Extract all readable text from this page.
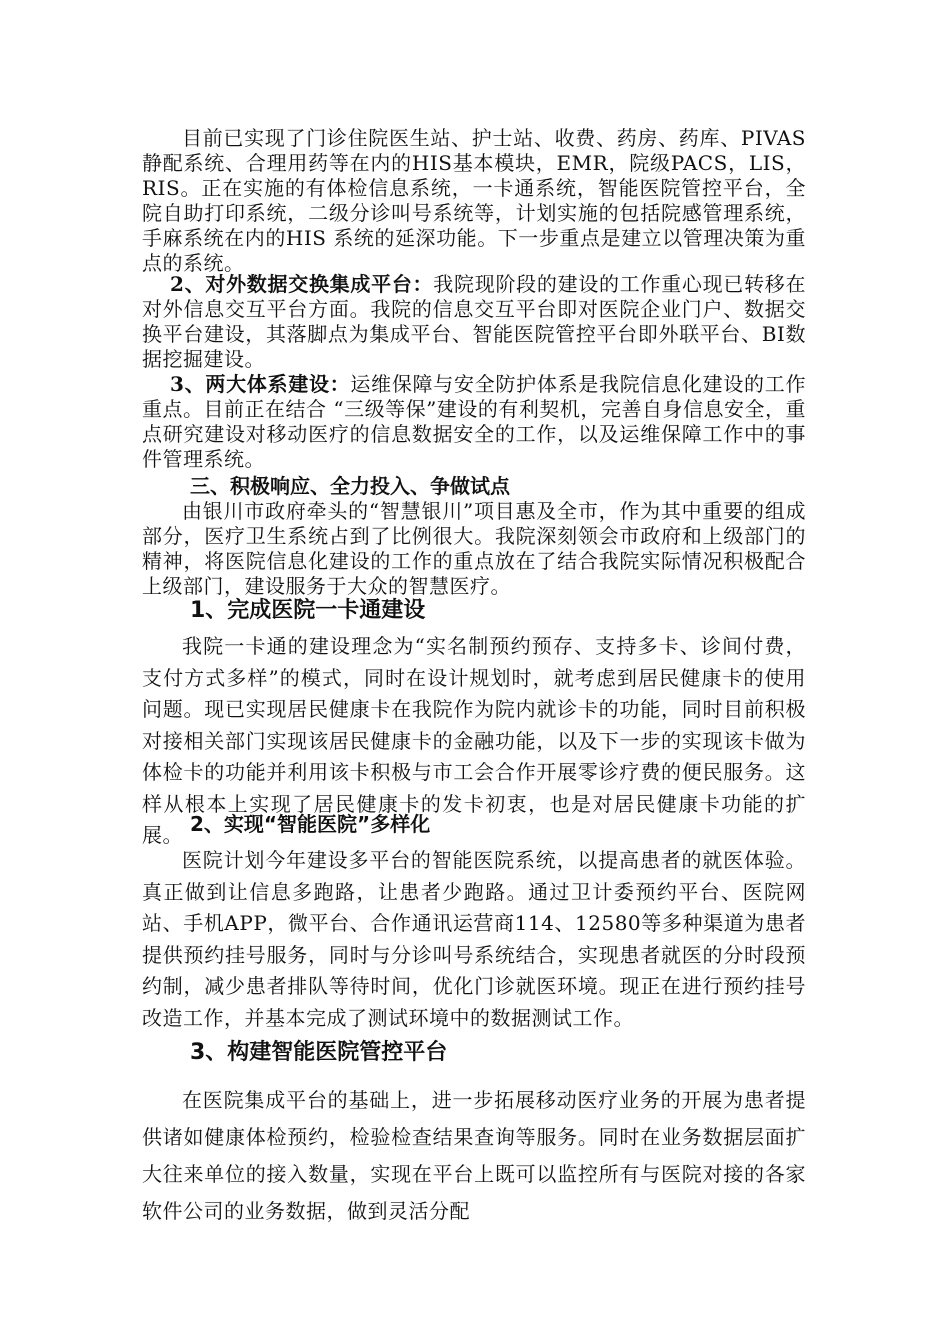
目前已实现了门诊住院医生站、护士站、收费、药房、药库、PIVAS静配系统、合理用药等在内的HIS基本模块，EMR，院级PACS，LIS，RIS。正在实施的有体检信息系统，一卡通系统，智能医院管控平台，全院自助打印系统，二级分诊叫号系统等，计划实施的包括院感管理系统，手麻系统在内的HIS 系统的延深功能。下一步重点是建立以管理决策为重点的系统。
2、对外数据交换集成平台：我院现阶段的建设的工作重心现已转移在对外信息交互平台方面。我院的信息交互平台即对医院企业门户、数据交换平台建设，其落脚点为集成平台、智能医院管控平台即外联平台、BI数据挖掘建设。
3、两大体系建设：运维保障与安全防护体系是我院信息化建设的工作重点。目前正在结合 “三级等保”建设的有利契机，完善自身信息安全，重点研究建设对移动医疗的信息数据安全的工作，以及运维保障工作中的事件管理系统。
三、积极响应、全力投入、争做试点
由银川市政府牵头的“智慧银川”项目惠及全市，作为其中重要的组成部分，医疗卫生系统占到了比例很大。我院深刻领会市政府和上级部门的精神，将医院信息化建设的工作的重点放在了结合我院实际情况积极配合上级部门，建设服务于大众的智慧医疗。
1、完成医院一卡通建设
我院一卡通的建设理念为“实名制预约预存、支持多卡、诊间付费，支付方式多样”的模式，同时在设计规划时，就考虑到居民健康卡的使用问题。现已实现居民健康卡在我院作为院内就诊卡的功能，同时目前积极对接相关部门实现该居民健康卡的金融功能，以及下一步的实现该卡做为体检卡的功能并利用该卡积极与市工会合作开展零诊疗费的便民服务。这样从根本上实现了居民健康卡的发卡初衷，也是对居民健康卡功能的扩展。 2、实现“智能医院”多样化
医院计划今年建设多平台的智能医院系统，以提高患者的就医体验。真正做到让信息多跑路，让患者少跑路。通过卫计委预约平台、医院网站、手机APP，微平台、合作通讯运营商114、12580等多种渠道为患者提供预约挂号服务，同时与分诊叫号系统结合，实现患者就医的分时段预约制，减少患者排队等待时间，优化门诊就医环境。现正在进行预约挂号改造工作，并基本完成了测试环境中的数据测试工作。
3、构建智能医院管控平台
在医院集成平台的基础上，进一步拓展移动医疗业务的开展为患者提供诸如健康体检预约，检验检查结果查询等服务。同时在业务数据层面扩大往来单位的接入数量，实现在平台上既可以监控所有与医院对接的各家软件公司的业务数据，做到灵活分配
